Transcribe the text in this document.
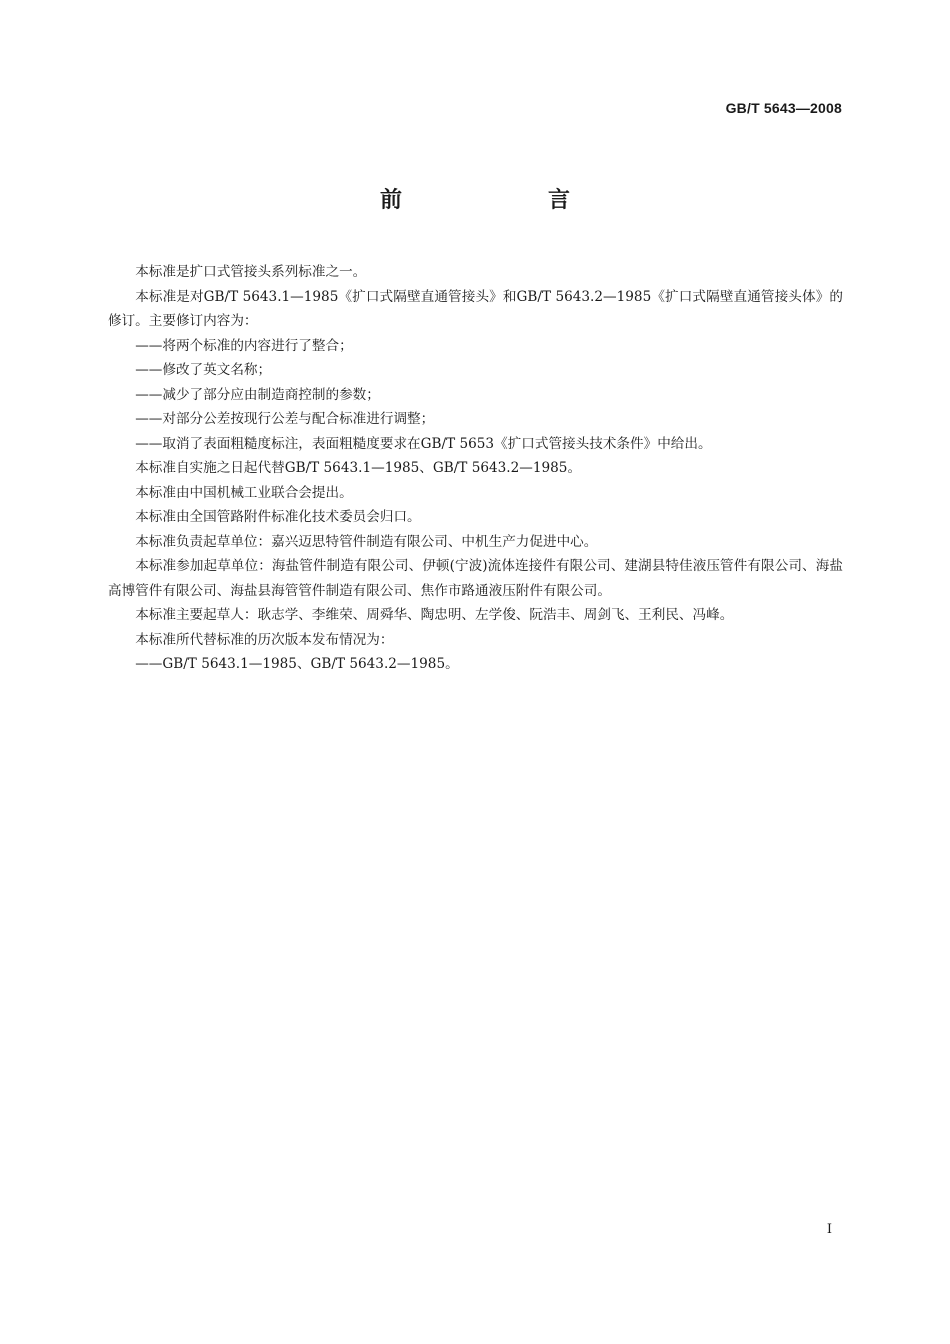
GB/T 5643—2008
前　言

本标准是扩口式管接头系列标准之一。

本标准是对GB/T 5643.1—1985《扩口式隔壁直通管接头》和GB/T 5643.2—1985《扩口式隔壁直通管接头体》的修订。主要修订内容为：

——将两个标准的内容进行了整合；

——修改了英文名称；

——减少了部分应由制造商控制的参数；

——对部分公差按现行公差与配合标准进行调整；

——取消了表面粗糙度标注，表面粗糙度要求在GB/T 5653《扩口式管接头技术条件》中给出。

本标准自实施之日起代替GB/T 5643.1—1985、GB/T 5643.2—1985。

本标准由中国机械工业联合会提出。

本标准由全国管路附件标准化技术委员会归口。

本标准负责起草单位：嘉兴迈思特管件制造有限公司、中机生产力促进中心。

本标准参加起草单位：海盐管件制造有限公司、伊顿(宁波)流体连接件有限公司、建湖县特佳液压管件有限公司、海盐高博管件有限公司、海盐县海管管件制造有限公司、焦作市路通液压附件有限公司。

本标准主要起草人：耿志学、李维荣、周舜华、陶忠明、左学俊、阮浩丰、周剑飞、王利民、冯峰。

本标准所代替标准的历次版本发布情况为：

——GB/T 5643.1—1985、GB/T 5643.2—1985。

I
